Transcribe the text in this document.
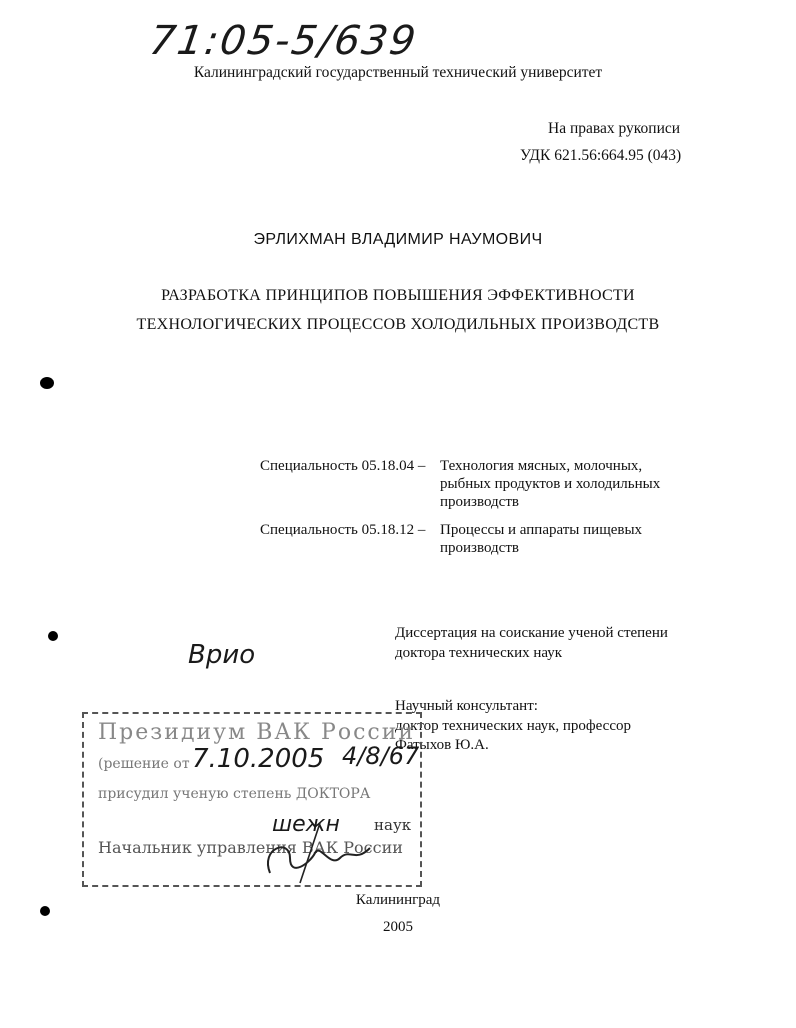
71:05-5/639
Калининградский государственный технический университет
На правах рукописи
УДК 621.56:664.95 (043)
ЭРЛИХМАН ВЛАДИМИР НАУМОВИЧ
РАЗРАБОТКА ПРИНЦИПОВ ПОВЫШЕНИЯ ЭФФЕКТИВНОСТИ
ТЕХНОЛОГИЧЕСКИХ ПРОЦЕССОВ ХОЛОДИЛЬНЫХ ПРОИЗВОДСТВ
Специальность 05.18.04 – Технология мясных, молочных,
рыбных продуктов и холодильных
производств
Специальность 05.18.12 – Процессы и аппараты пищевых
производств
Диссертация на соискание ученой степени
доктора технических наук
Врио
Научный консультант:
доктор технических наук, профессор
Фатыхов Ю.А.
Президиум ВАК России
(решение от 7.10.2005 4/8/67
присудил ученую степень ДОКТОРА
шежн наук
Начальник управления ВАК России
Калининград
2005
